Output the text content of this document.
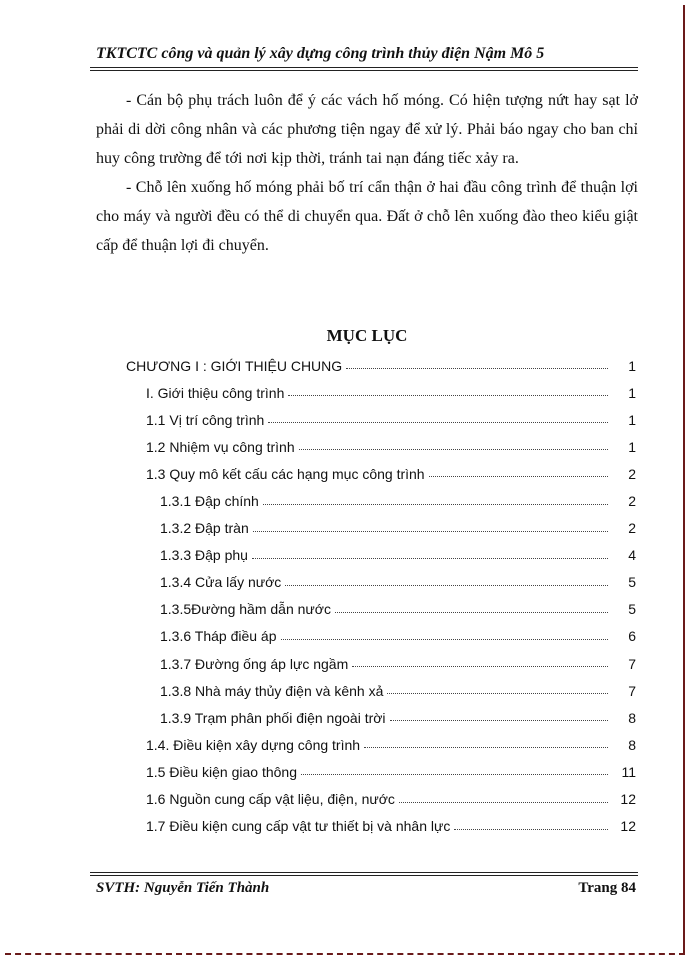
TKTCTC công và quản lý xây dựng công trình thủy điện Nậm Mô 5

- Cán bộ phụ trách luôn để ý các vách hố móng. Có hiện tượng nứt hay sạt lở phải di dời công nhân và các phương tiện ngay để xử lý. Phải báo ngay cho ban chỉ huy công trường để tới nơi kịp thời, tránh tai nạn đáng tiếc xảy ra.

- Chỗ lên xuống hố móng phải bố trí cẩn thận ở hai đầu công trình để thuận lợi cho máy và người đều có thể di chuyển qua. Đất ở chỗ lên xuống đào theo kiểu giật cấp để thuận lợi đi chuyển.

MỤC LỤC
CHƯƠNG I : GIỚI THIỆU CHUNG	1
I. Giới thiệu công trình	1
1.1 Vị trí công trình	1
1.2 Nhiệm vụ công trình	1
1.3 Quy mô kết cấu các hạng mục công trình	2
1.3.1 Đập chính	2
1.3.2 Đập tràn	2
1.3.3 Đập phụ	4
1.3.4 Cửa lấy nước	5
1.3.5Đường hầm dẫn nước	5
1.3.6 Tháp điều áp	6
1.3.7 Đường ống áp lực ngầm	7
1.3.8 Nhà máy thủy điện và kênh xả	7
1.3.9 Trạm phân phối điện ngoài trời	8
1.4. Điều kiện xây dựng công trình	8
1.5 Điều kiện giao thông	11
1.6 Nguồn cung cấp vật liệu, điện, nước	12
1.7 Điều kiện cung cấp vật tư thiết bị và nhân lực	12
SVTH: Nguyễn Tiến Thành	Trang 84
